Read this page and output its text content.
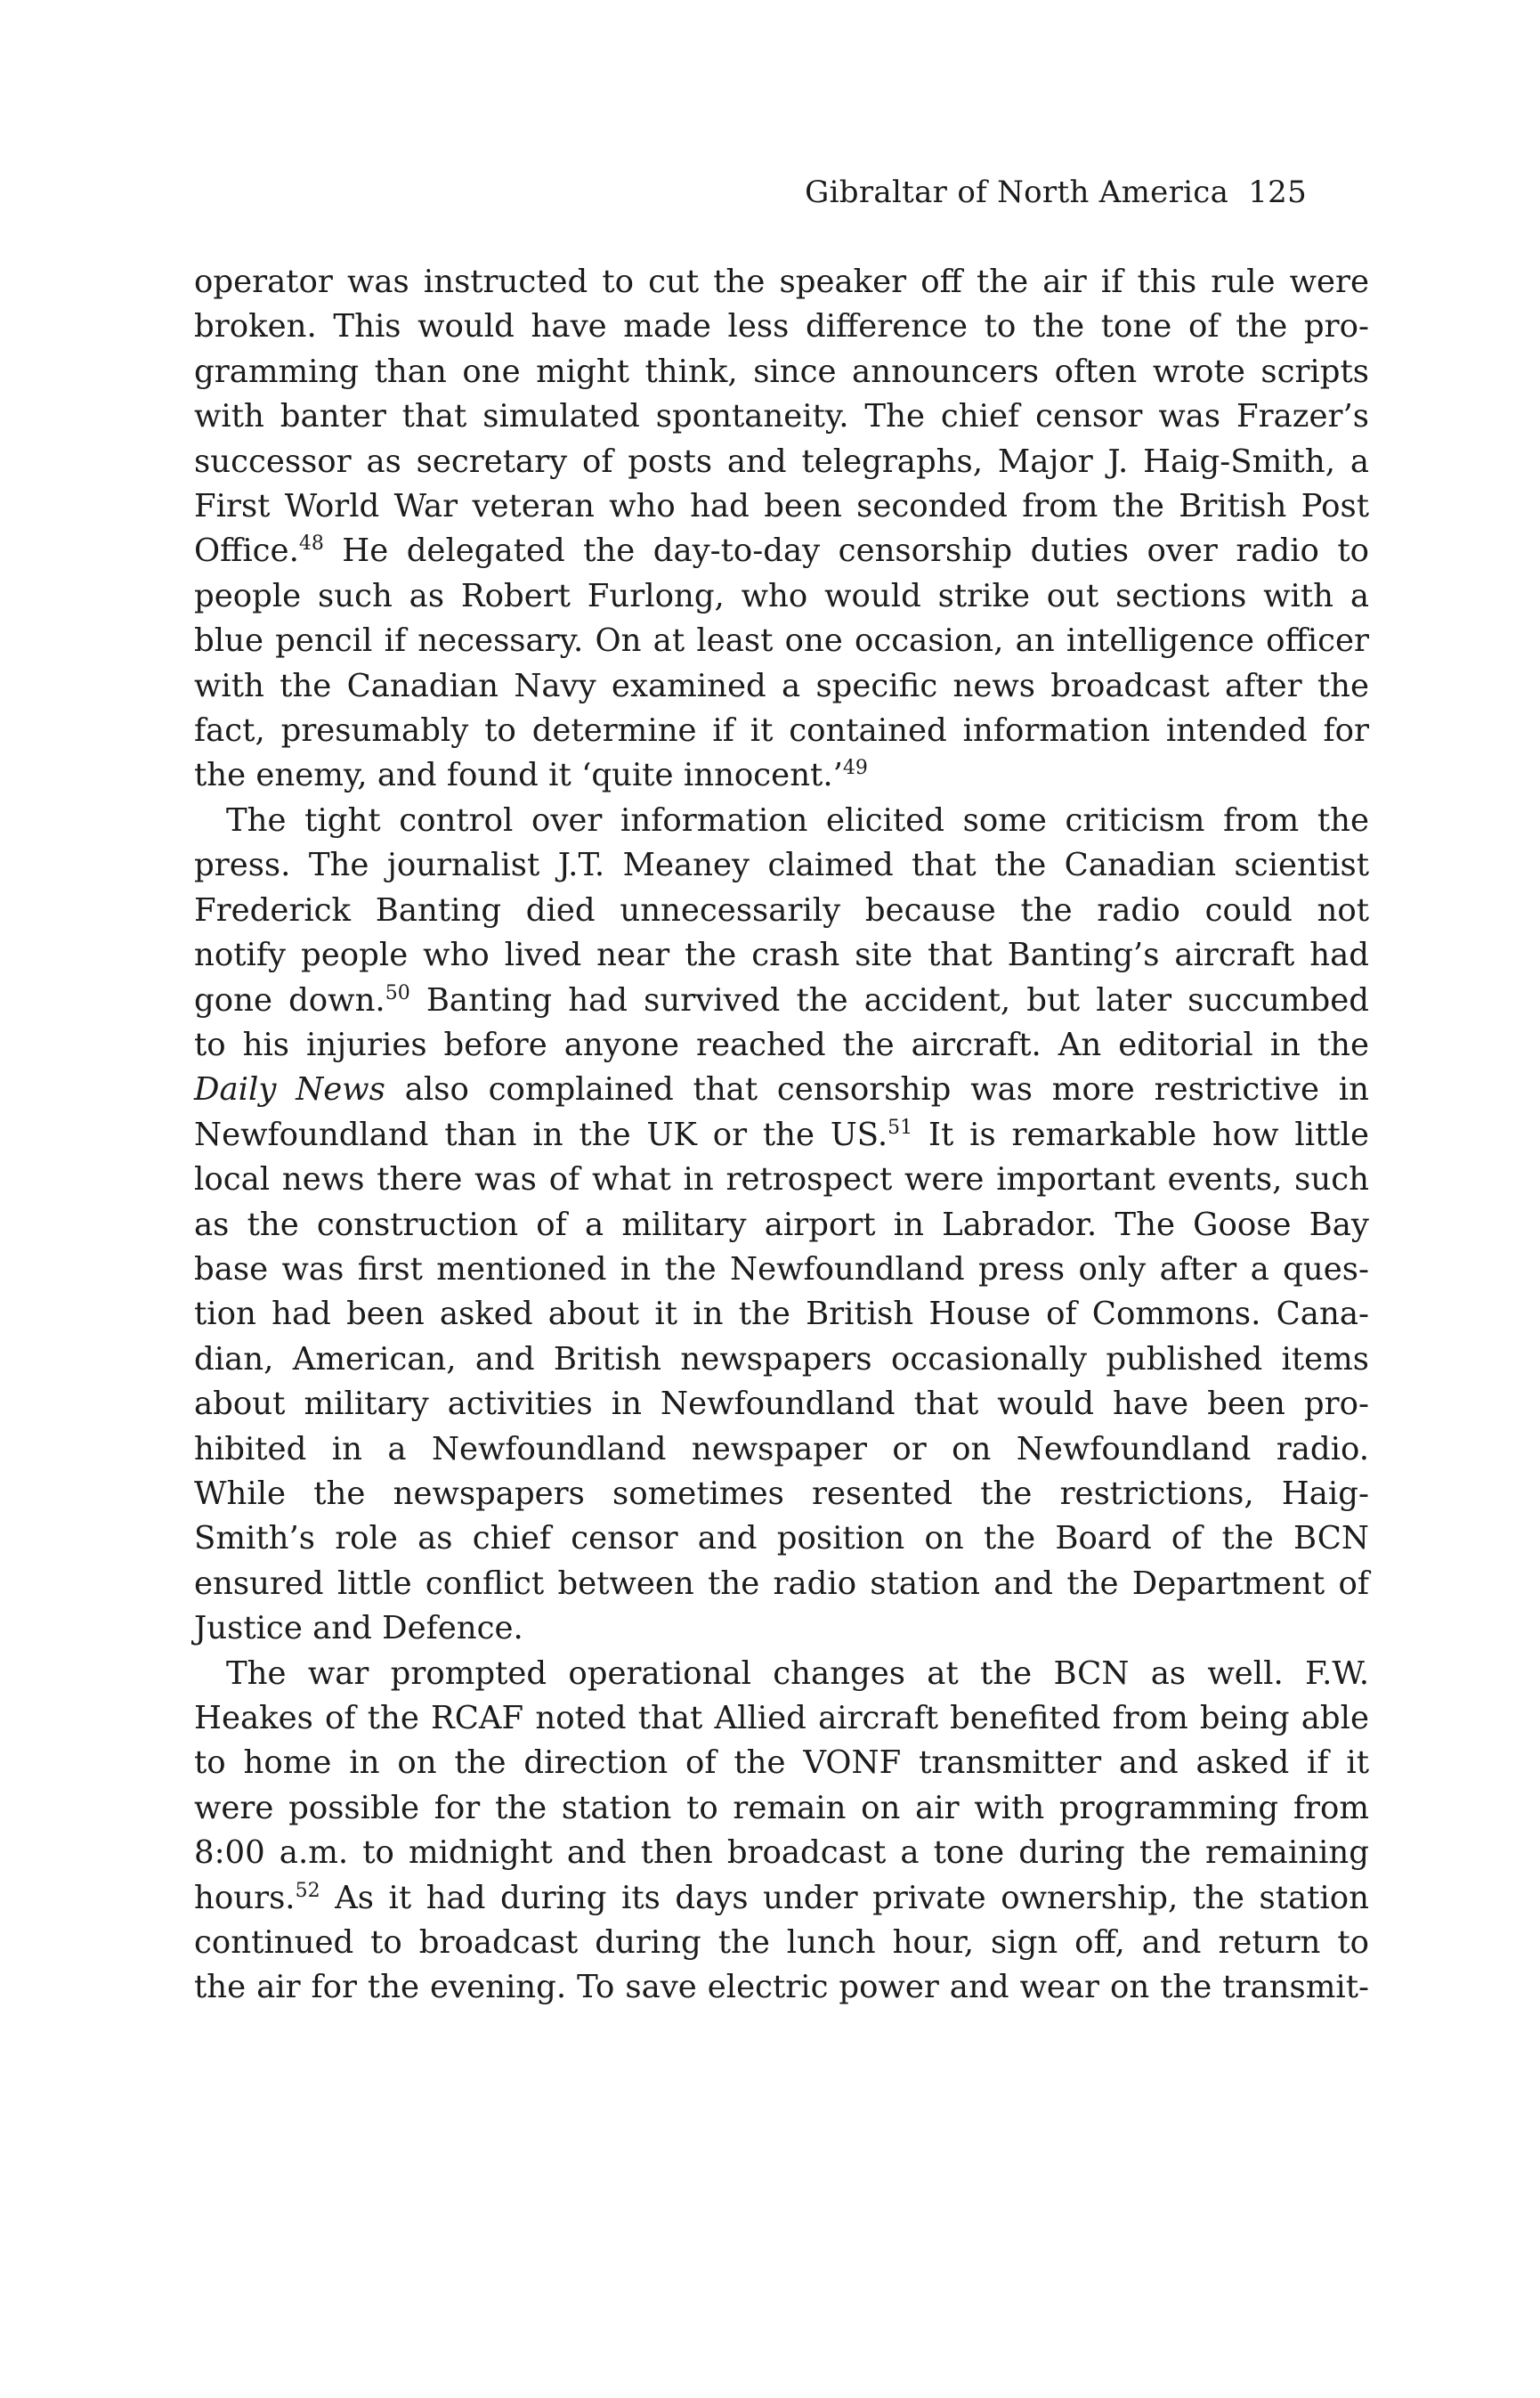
Gibraltar of North America 125

operator was instructed to cut the speaker off the air if this rule were
broken. This would have made less difference to the tone of the pro-
gramming than one might think, since announcers often wrote scripts
with banter that simulated spontaneity. The chief censor was Frazer’s
successor as secretary of posts and telegraphs, Major J. Haig-Smith, a
First World War veteran who had been seconded from the British Post
Office.$^{48}$ He delegated the day-to-day censorship duties over radio to
people such as Robert Furlong, who would strike out sections with a
blue pencil if necessary. On at least one occasion, an intelligence officer
with the Canadian Navy examined a specific news broadcast after the
fact, presumably to determine if it contained information intended for
the enemy, and found it ‘quite innocent.’$^{49}$

The tight control over information elicited some criticism from the
press. The journalist J.T. Meaney claimed that the Canadian scientist
Frederick Banting died unnecessarily because the radio could not
notify people who lived near the crash site that Banting’s aircraft had
gone down.$^{50}$ Banting had survived the accident, but later succumbed
to his injuries before anyone reached the aircraft. An editorial in the
Daily News also complained that censorship was more restrictive in
Newfoundland than in the UK or the US.$^{51}$ It is remarkable how little
local news there was of what in retrospect were important events, such
as the construction of a military airport in Labrador. The Goose Bay
base was first mentioned in the Newfoundland press only after a ques-
tion had been asked about it in the British House of Commons. Cana-
dian, American, and British newspapers occasionally published items
about military activities in Newfoundland that would have been pro-
hibited in a Newfoundland newspaper or on Newfoundland radio.
While the newspapers sometimes resented the restrictions, Haig-
Smith’s role as chief censor and position on the Board of the BCN
ensured little conflict between the radio station and the Department of
Justice and Defence.

The war prompted operational changes at the BCN as well. F.W.
Heakes of the RCAF noted that Allied aircraft benefited from being able
to home in on the direction of the VONF transmitter and asked if it
were possible for the station to remain on air with programming from
8:00 a.m. to midnight and then broadcast a tone during the remaining
hours.$^{52}$ As it had during its days under private ownership, the station
continued to broadcast during the lunch hour, sign off, and return to
the air for the evening. To save electric power and wear on the transmit-
